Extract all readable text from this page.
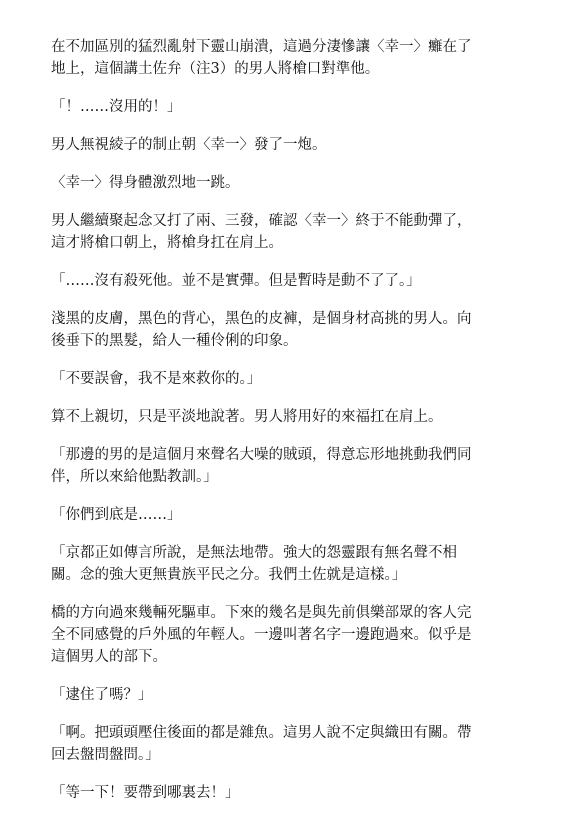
在不加區別的猛烈亂射下靈山崩潰，這過分淒慘讓〈幸一〉癱在了
地上，這個講土佐弁（注3）的男人將槍口對準他。

「！……沒用的！」

男人無視綾子的制止朝〈幸一〉發了一炮。

〈幸一〉得身體激烈地一跳。

男人繼續聚起念又打了兩、三發，確認〈幸一〉終于不能動彈了，
這才將槍口朝上，將槍身扛在肩上。

「……沒有殺死他。並不是實彈。但是暫時是動不了了。」

淺黑的皮膚，黑色的背心，黑色的皮褲，是個身材高挑的男人。向
後垂下的黑髮，給人一種伶俐的印象。

「不要誤會，我不是來救你的。」

算不上親切，只是平淡地說著。男人將用好的來福扛在肩上。

「那邊的男的是這個月來聲名大噪的賊頭，得意忘形地挑動我們同
伴，所以來給他點教訓。」

「你們到底是……」

「京都正如傳言所說，是無法地帶。強大的怨靈跟有無名聲不相
關。念的強大更無貴族平民之分。我們土佐就是這樣。」

橋的方向過來幾輛死驅車。下來的幾名是與先前俱樂部眾的客人完
全不同感覺的戶外風的年輕人。一邊叫著名字一邊跑過來。似乎是
這個男人的部下。

「逮住了嗎？」

「啊。把頭頭壓住後面的都是雜魚。這男人說不定與織田有關。帶
回去盤問盤問。」

「等一下！要帶到哪裏去！」
